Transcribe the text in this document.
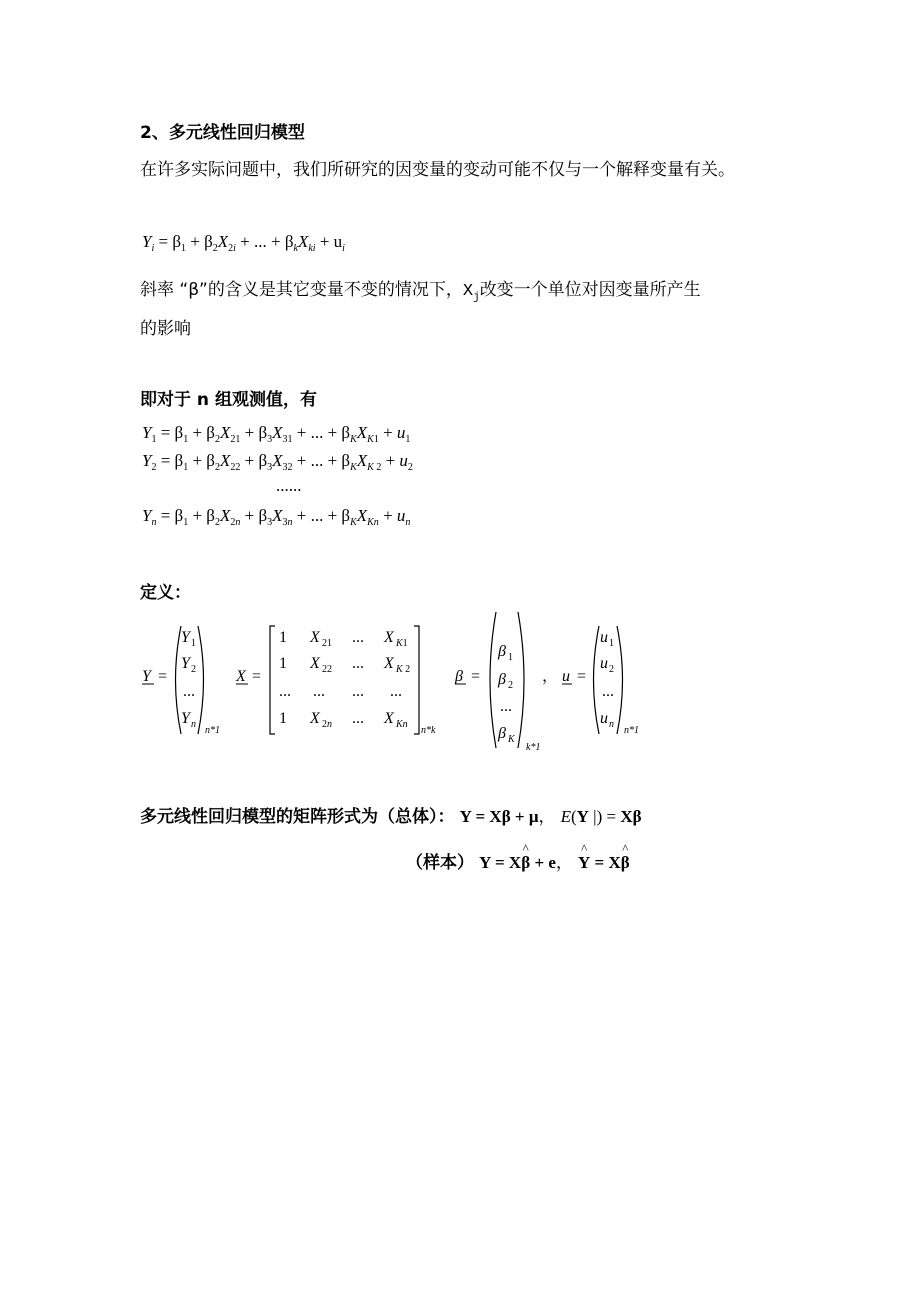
2、多元线性回归模型
在许多实际问题中，我们所研究的因变量的变动可能不仅与一个解释变量有关。
$Y_i = \beta_1 + \beta_2X_{2i}$ + ... + $\beta_kX_{ki} + u_i$
斜率 “β”的含义是其它变量不变的情况下，$X_j$改变一个单位对因变量所产生
的影响
即对于 n 组观测值，有
$Y_1 = \beta_1 + \beta_2X_{21} + \beta_3X_{31}$ + ... + $\beta_KX_{K1} + u_1$
$Y_2 = \beta_1 + \beta_2X_{22} + \beta_3X_{32}$ + ... + $\beta_KX_{K 2} + u_2$
......
$Y_n = \beta_1 + \beta_2X_{2n} + \beta_3X_{3n}$ + ... + $\beta_KX_{Kn} + u_n$
定义：
Y =
Y 1
Y 2
...
Y n
n*1
X =
1 X 21 ... X K1
1 X 22 ... X K 2
... ... ... ...
1 X 2n ... X Kn
n*k
β =
β 1
β 2
...
β K
k*1
， u =
u 1
u 2
...
u n
n*1
多元线性回归模型的矩阵形式为（总体）： Y = Xβ + μ， E(Y |) = Xβ
（样本） Y = X^ β + e， ^ Y = X^ β
